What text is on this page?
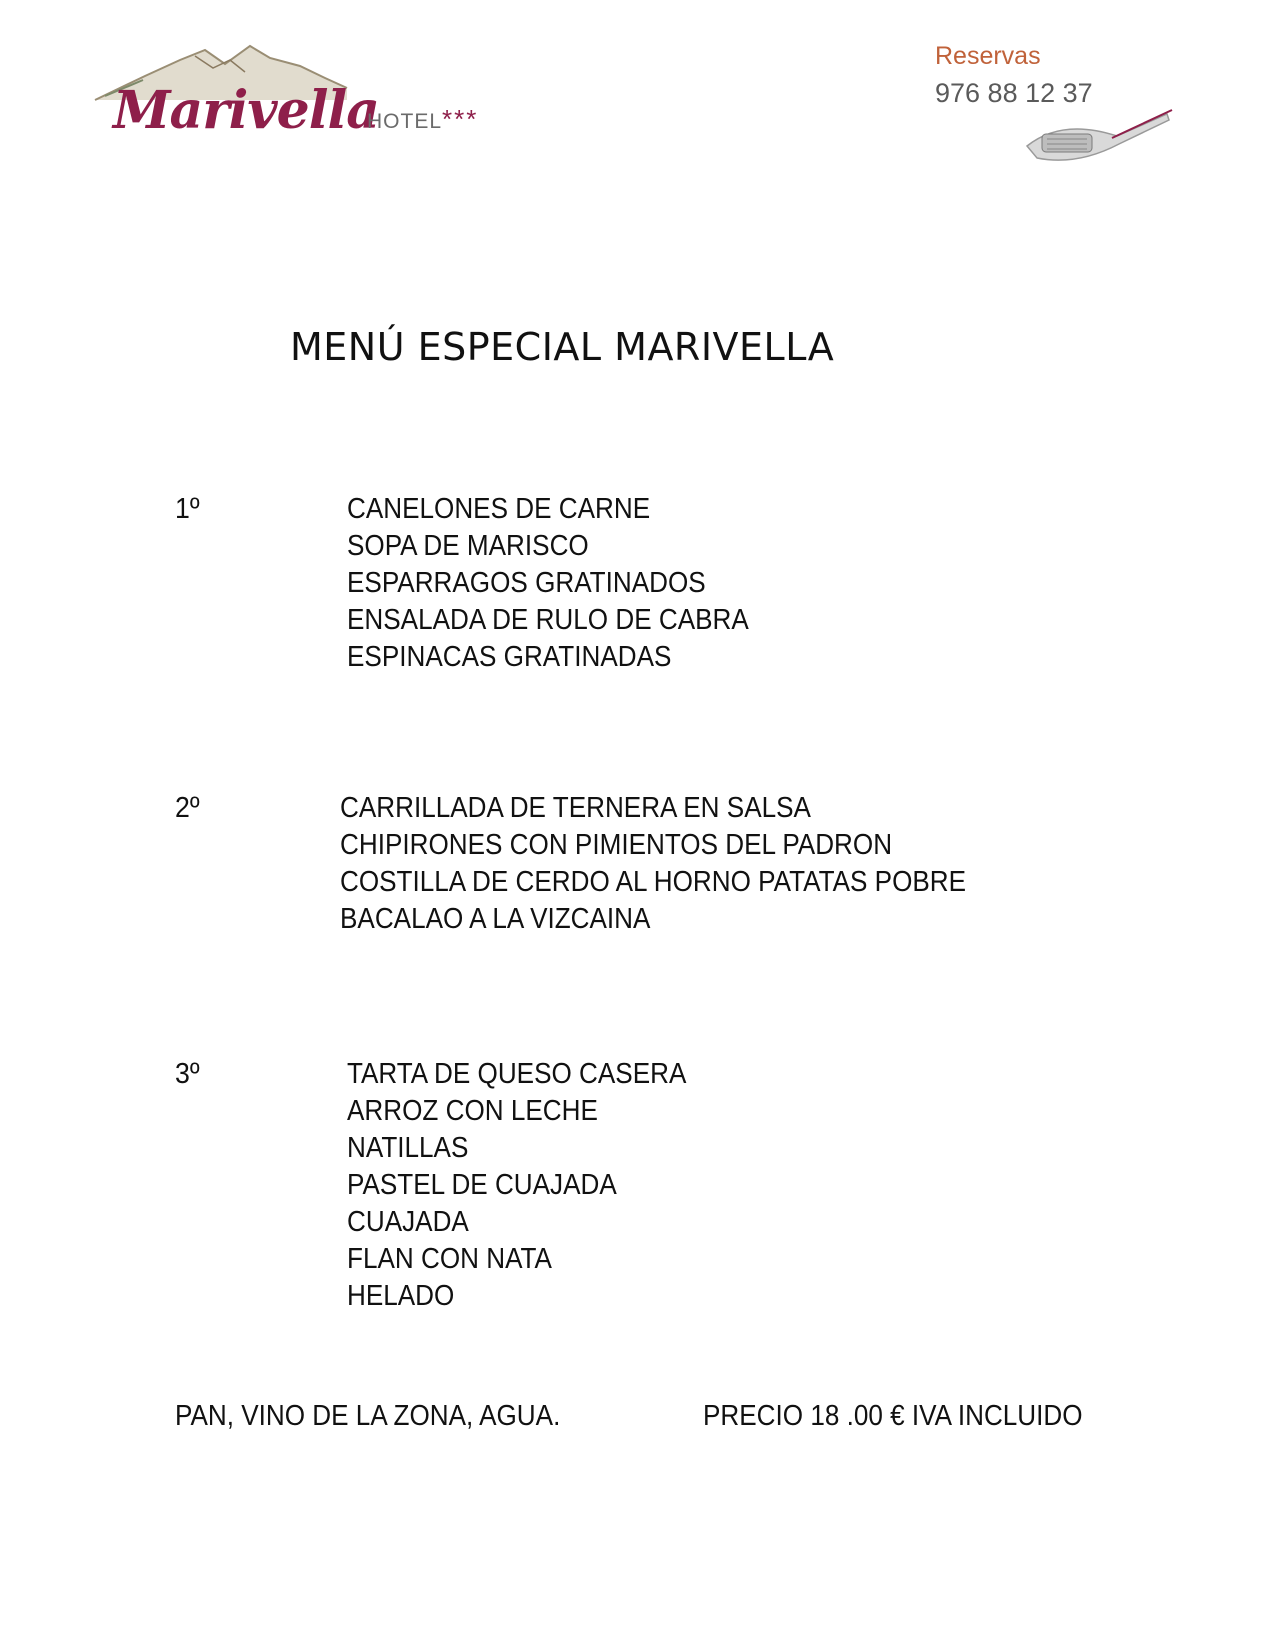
Marivella
HOTEL ***
Reservas
976 88 12 37
MENÚ ESPECIAL MARIVELLA
1º	CANELONES DE CARNE
SOPA DE MARISCO
ESPARRAGOS GRATINADOS
ENSALADA DE RULO DE CABRA
ESPINACAS GRATINADAS
2º	CARRILLADA DE TERNERA EN SALSA
CHIPIRONES CON PIMIENTOS DEL PADRON
COSTILLA DE CERDO AL HORNO PATATAS POBRE
BACALAO A LA VIZCAINA
3º	TARTA DE QUESO CASERA
ARROZ CON LECHE
NATILLAS
PASTEL DE CUAJADA
CUAJADA
FLAN CON NATA
HELADO
PAN, VINO DE LA ZONA, AGUA.	PRECIO 18 .00 € IVA INCLUIDO
